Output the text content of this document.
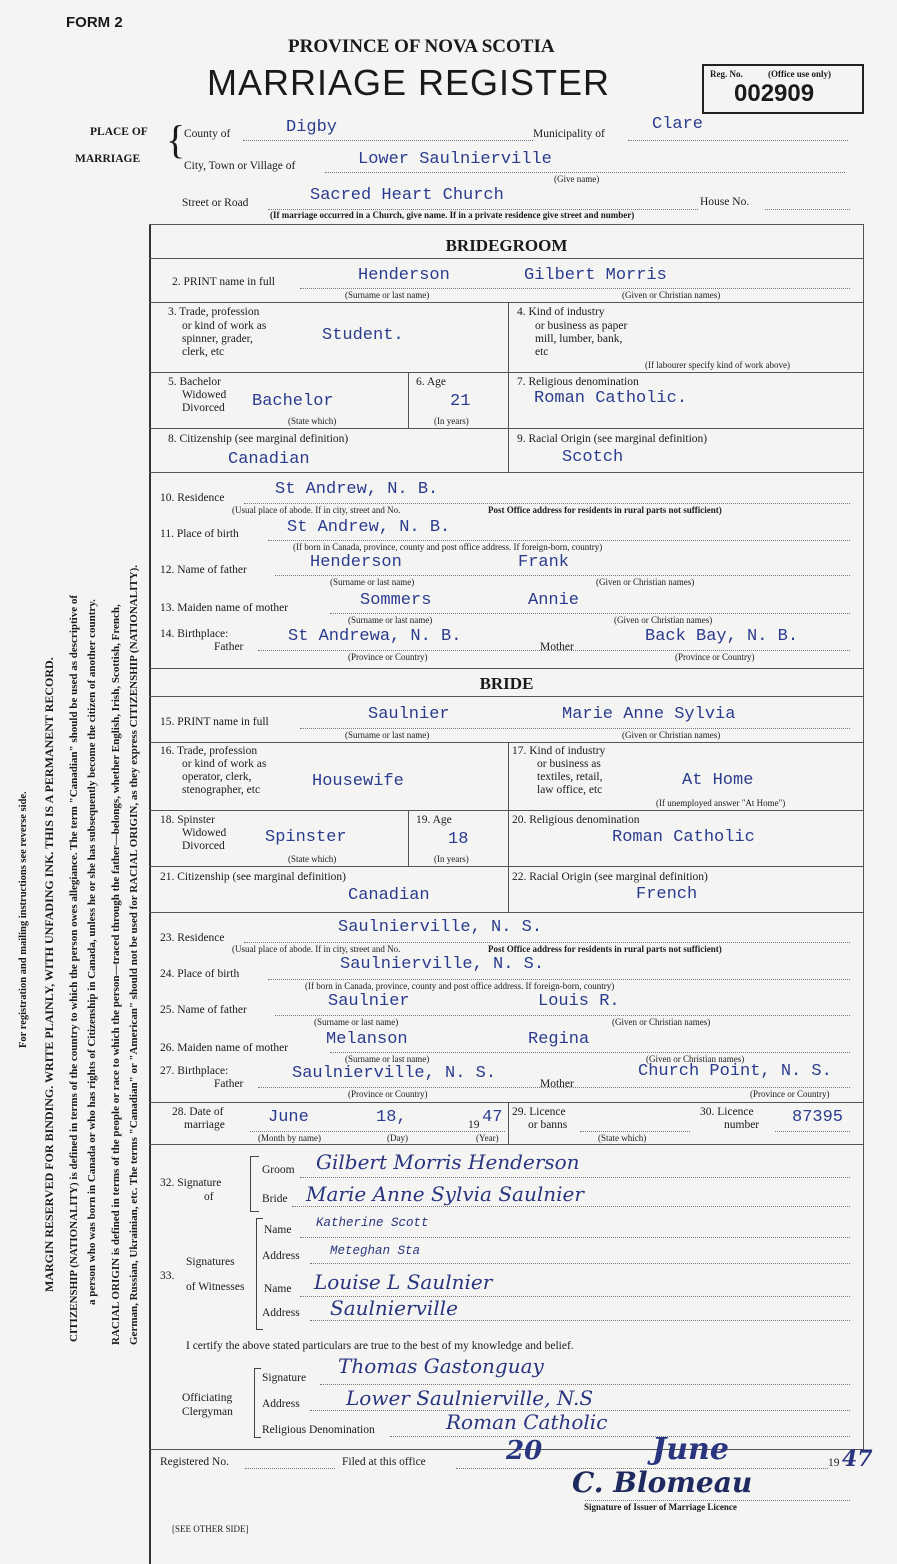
FORM 2
PROVINCE OF NOVA SCOTIA
MARRIAGE REGISTER	Reg. No.	(Office use only)
002909
PLACE OF
MARRIAGE {
County of	Digby	Municipality of	Clare
City, Town or Village of	Lower Saulnierville
(Give name)
Street or Road	Sacred Heart Church	House No.
(If marriage occurred in a Church, give name. If in a private residence give street and number)
For registration and mailing instructions see reverse side. MARGIN RESERVED FOR BINDING. WRITE PLAINLY, WITH UNFADING INK. THIS IS A PERMANENT RECORD. CITIZENSHIP (NATIONALITY) is defined in terms of the country to which the person owes allegiance. The term "Canadian" should be used as descriptive of a person who was born in Canada or who has rights of Citizenship in Canada, unless he or she has subsequently become the citizen of another country. RACIAL ORIGIN is defined in terms of the people or race to which the person—traced through the father—belongs, whether English, Irish, Scottish, French, German, Russian, Ukrainian, etc. The terms "Canadian" or "American" should not be used for RACIAL ORIGIN, as they express CITIZENSHIP (NATIONALITY).
BRIDEGROOM
2. PRINT name in full	Henderson	Gilbert Morris
(Surname or last name)	(Given or Christian names)
3. Trade, profession
or kind of work as
spinner, grader,
clerk, etc
Student.
4. Kind of industry
or business as paper
mill, lumber, bank,
etc
(If labourer specify kind of work above)
5. Bachelor
Widowed
Divorced Bachelor
(State which)
6. Age
21
(In years)
7. Religious denomination
Roman Catholic.
8. Citizenship (see marginal definition)
Canadian
9. Racial Origin (see marginal definition)
Scotch
10. Residence	St Andrew, N. B.
(Usual place of abode. If in city, street and No.	Post Office address for residents in rural parts not sufficient)
11. Place of birth	St Andrew, N. B.
(If born in Canada, province, county and post office address. If foreign-born, country)
12. Name of father	Henderson	Frank
(Surname or last name)	(Given or Christian names)
13. Maiden name of mother	Sommers	Annie
(Surname or last name)	(Given or Christian names)
14. Birthplace:
Father
St Andrewa, N. B.
Mother
Back Bay, N. B.
(Province or Country)	(Province or Country)
BRIDE
15. PRINT name in full	Saulnier	Marie Anne Sylvia
(Surname or last name)	(Given or Christian names)
16. Trade, profession
or kind of work as
operator, clerk,
stenographer, etc	Housewife
17. Kind of industry
or business as
textiles, retail,
law office, etc	At Home
(If unemployed answer "At Home")
18. Spinster
Widowed
Divorced Spinster
(State which)
19. Age
18
(In years)
20. Religious denomination
Roman Catholic
21. Citizenship (see marginal definition)
Canadian
22. Racial Origin (see marginal definition)
French
23. Residence
Saulnierville, N. S.
(Usual place of abode. If in city, street and No.	Post Office address for residents in rural parts not sufficient)
24. Place of birth	Saulnierville, N. S.
(If born in Canada, province, county and post office address. If foreign-born, country)
25. Name of father	Saulnier	Louis R.
(Surname or last name)	(Given or Christian names)
26. Maiden name of mother Melanson	Regina
(Surname or last name)	(Given or Christian names)
27. Birthplace:
Father
Saulnierville, N. S.
Mother
Church Point, N. S.
(Province or Country)	(Province or Country)
28. Date of
marriage	June	18,	19 47
(Month by name)	(Day)	(Year)
29. Licence
or banns
(State which)
30. Licence
number 87395
32. Signature
of
Groom Gilbert Morris Henderson
Bride Marie Anne Sylvia Saulnier
33.
Signatures
of Witnesses
Name Katherine Scott
Address Meteghan Sta
Name Louise L Saulnier
Address Saulnierville
I certify the above stated particulars are true to the best of my knowledge and belief.
Officiating
Clergyman
Signature Thomas Gastonguay
Address Lower Saulnierville, N.S
Religious Denomination	Roman Catholic
Registered No.	Filed at this office	20	June	19 47
C. Blomeau
Signature of Issuer of Marriage Licence
[SEE OTHER SIDE]
